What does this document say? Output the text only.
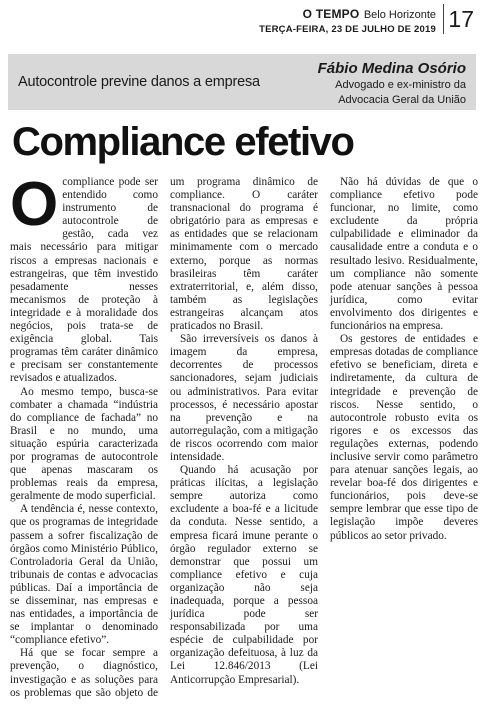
O TEMPO Belo Horizonte
TERÇA-FEIRA, 23 DE JULHO DE 2019 17
Autocontrole previne danos a empresa
Fábio Medina Osório
Advogado e ex-ministro da
Advocacia Geral da União
Compliance efetivo

Ocompliance pode ser entendido como instrumento de autocontrole de gestão, cada vez mais necessário para mitigar riscos a empresas nacionais e estrangeiras, que têm investido pesadamente nesses mecanismos de proteção à integridade e à moralidade dos negócios, pois trata-se de exigência global. Tais programas têm caráter dinâmico e precisam ser constantemente revisados e atualizados.

Ao mesmo tempo, busca-se combater a chamada “indústria do compliance de fachada” no Brasil e no mundo, uma situação espúria caracterizada por programas de autocontrole que apenas mascaram os problemas reais da empresa, geralmente de modo superficial.

A tendência é, nesse contexto, que os programas de integridade passem a sofrer fiscalização de órgãos como Ministério Público, Controladoria Geral da União, tribunais de contas e advocacias públicas. Daí a importância de se disseminar, nas empresas e nas entidades, a importância de se implantar o denominado “compliance efetivo”.

Há que se focar sempre a prevenção, o diagnóstico, investigação e as soluções para os problemas que são objeto de um programa dinâmico de compliance. O caráter transnacional do programa é obrigatório para as empresas e as entidades que se relacionam minimamente com o mercado externo, porque as normas brasileiras têm caráter extraterritorial, e, além disso, também as legislações estrangeiras alcançam atos praticados no Brasil.

São irreversíveis os danos à imagem da empresa, decorrentes de processos sancionadores, sejam judiciais ou administrativos. Para evitar processos, é necessário apostar na prevenção e na autorregulação, com a mitigação de riscos ocorrendo com maior intensidade.

Quando há acusação por práticas ilícitas, a legislação sempre autoriza como excludente a boa-fé e a licitude da conduta. Nesse sentido, a empresa ficará imune perante o órgão regulador externo se demonstrar que possui um compliance efetivo e cuja organização não seja inadequada, porque a pessoa jurídica pode ser responsabilizada por uma espécie de culpabilidade por organização defeituosa, à luz da Lei 12.846/2013 (Lei Anticorrupção Empresarial).

Não há dúvidas de que o compliance efetivo pode funcionar, no limite, como excludente da própria culpabilidade e eliminador da causalidade entre a conduta e o resultado lesivo. Residualmente, um compliance não somente pode atenuar sanções à pessoa jurídica, como evitar envolvimento dos dirigentes e funcionários na empresa.

Os gestores de entidades e empresas dotadas de compliance efetivo se beneficiam, direta e indiretamente, da cultura de integridade e prevenção de riscos. Nesse sentido, o autocontrole robusto evita os rigores e os excessos das regulações externas, podendo inclusive servir como parâmetro para atenuar sanções legais, ao revelar boa-fé dos dirigentes e funcionários, pois deve-se sempre lembrar que esse tipo de legislação impõe deveres públicos ao setor privado.
